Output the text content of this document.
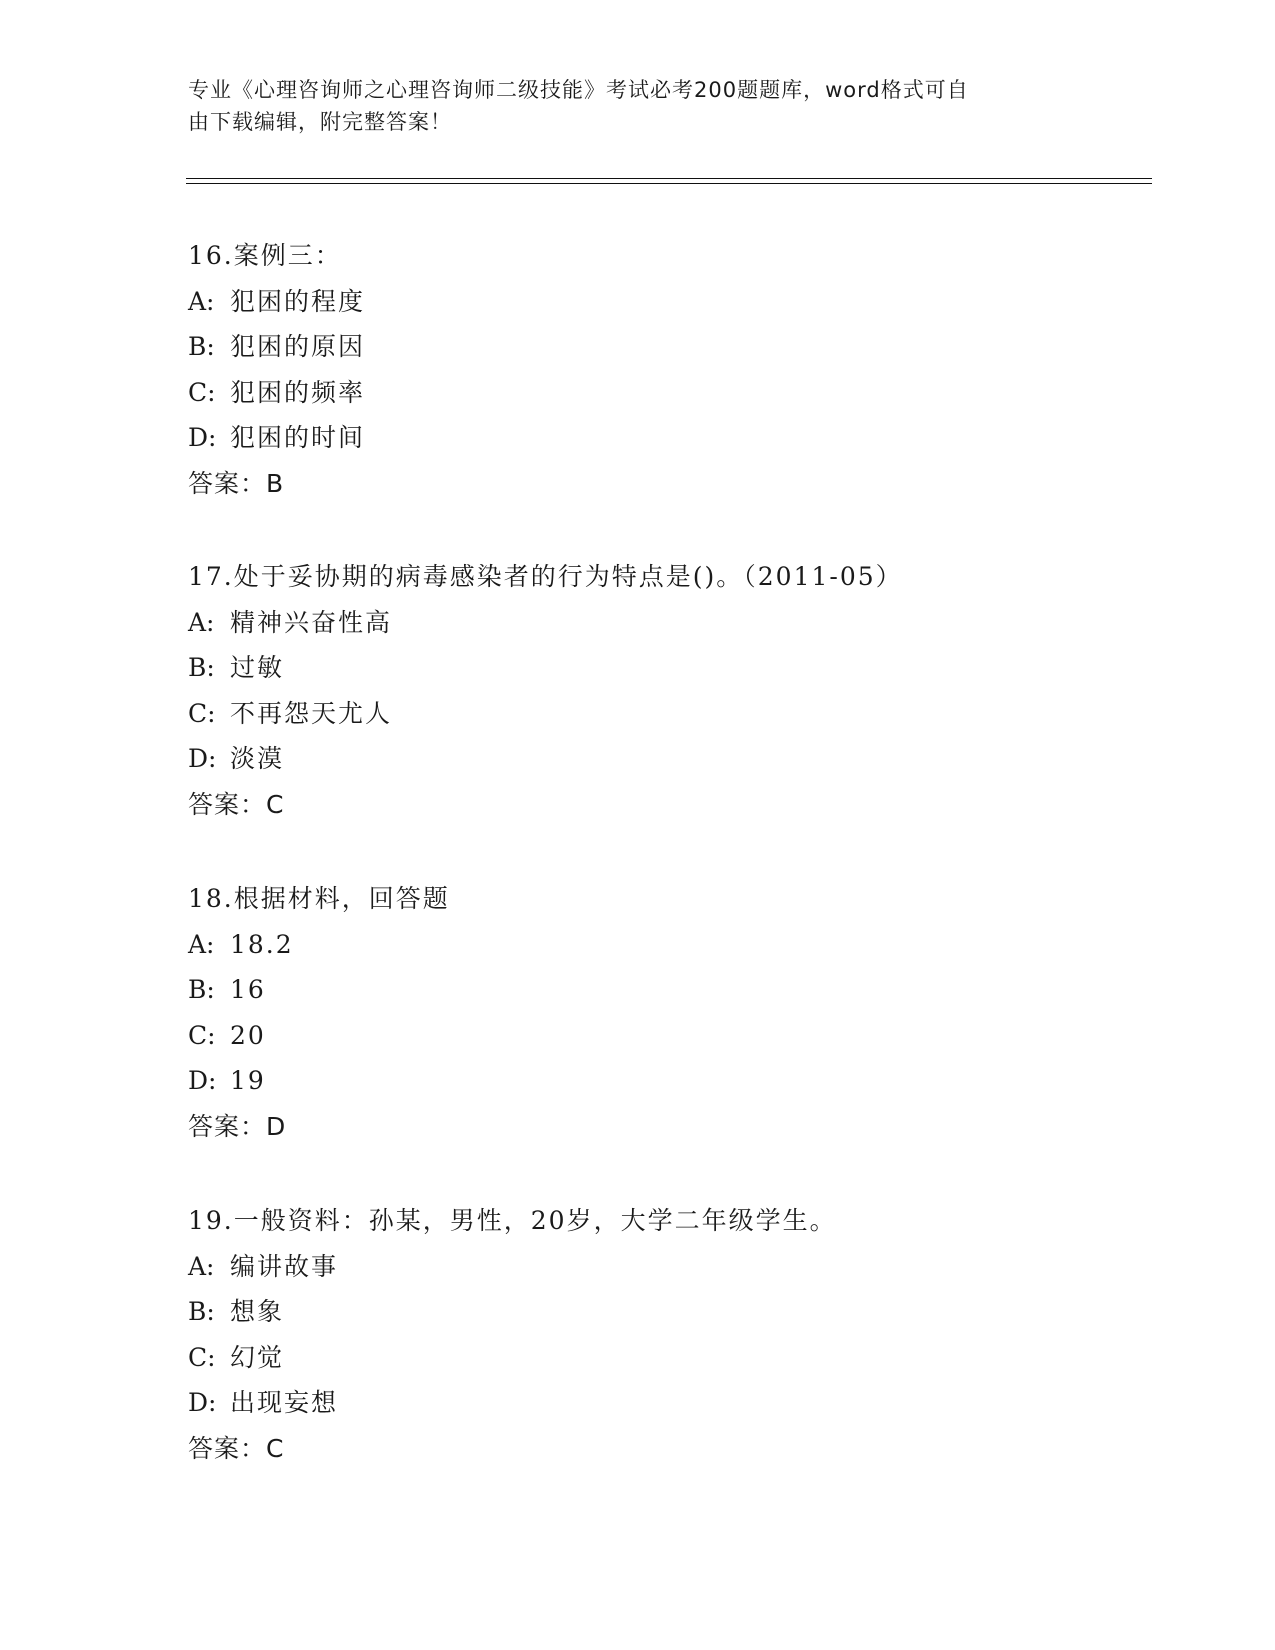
专业《心理咨询师之心理咨询师二级技能》考试必考200题题库，word格式可自
由下载编辑，附完整答案！
16.案例三：
A: 犯困的程度
B: 犯困的原因
C: 犯困的频率
D: 犯困的时间
答案：B
17.处于妥协期的病毒感染者的行为特点是()。（2011-05）
A: 精神兴奋性高
B: 过敏
C: 不再怨天尤人
D: 淡漠
答案：C
18.根据材料，回答题
A: 18.2
B: 16
C: 20
D: 19
答案：D
19.一般资料：孙某，男性，20岁，大学二年级学生。
A: 编讲故事
B: 想象
C: 幻觉
D: 出现妄想
答案：C
